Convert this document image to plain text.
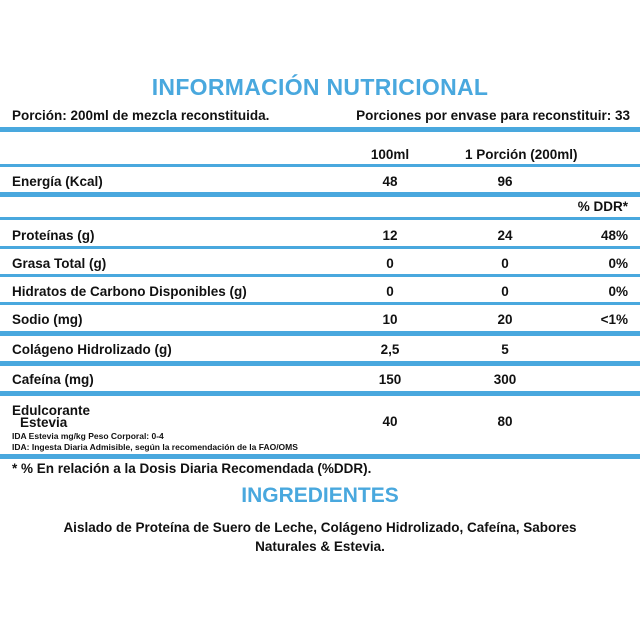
INFORMACIÓN NUTRICIONAL
Porción: 200ml de mezcla reconstituida.	Porciones por envase para reconstituir: 33
100ml	1 Porción (200ml)
Energía (Kcal)	48	96
% DDR*
Proteínas (g)	12	24	48%
Grasa Total (g)	0	0	0%
Hidratos de Carbono Disponibles (g)	0	0	0%
Sodio (mg)	10	20	<1%
Colágeno Hidrolizado (g)	2,5	5
Cafeína (mg)	150	300
Edulcorante
Estevia	40	80
IDA Estevia mg/kg Peso Corporal: 0-4
IDA: Ingesta Diaria Admisible, según la recomendación de la FAO/OMS
* % En relación a la Dosis Diaria Recomendada (%DDR).
INGREDIENTES
Aislado de Proteína de Suero de Leche, Colágeno Hidrolizado, Cafeína, Sabores
Naturales & Estevia.
